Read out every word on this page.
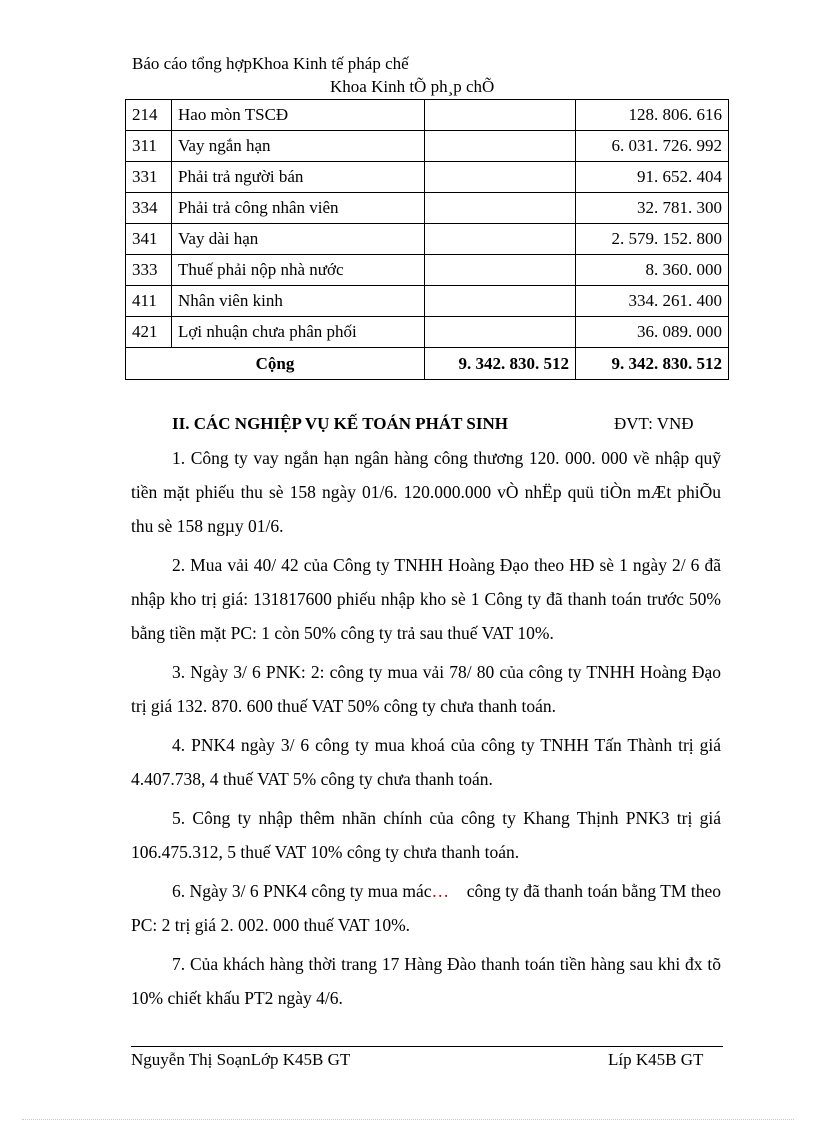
Báo cáo tổng hợpKhoa Kinh tế pháp chế
Khoa Kinh tÕ ph¸p chÕ
214	Hao mòn TSCĐ		128. 806. 616
311	Vay ngắn hạn		6. 031. 726. 992
331	Phải trả người bán		91. 652. 404
334	Phải trả công nhân viên		32. 781. 300
341	Vay dài hạn		2. 579. 152. 800
333	Thuế phải nộp nhà nước		8. 360. 000
411	Nhân viên kinh		334. 261. 400
421	Lợi nhuận chưa phân phối		36. 089. 000
Cộng		9. 342. 830. 512	9. 342. 830. 512
II. CÁC NGHIỆP VỤ KẾ TOÁN PHÁT SINH	ĐVT: VNĐ

1. Công ty vay ngắn hạn ngân hàng công thương 120. 000. 000 về nhập quỹ tiền mặt phiếu thu sè 158 ngày 01/6. 120.000.000 vÒ nhËp quü tiÒn mÆt phiÕu thu sè 158 ngµy 01/6.

2. Mua vải 40/ 42 của Công ty TNHH Hoàng Đạo theo HĐ sè 1 ngày 2/ 6 đã nhập kho trị giá: 131817600 phiếu nhập kho sè 1 Công ty đã thanh toán trước 50% bằng tiền mặt PC: 1 còn 50% công ty trả sau thuế VAT 10%.

3. Ngày 3/ 6 PNK: 2: công ty mua vải 78/ 80 của công ty TNHH Hoàng Đạo trị giá 132. 870. 600 thuế VAT 50% công ty chưa thanh toán.

4. PNK4 ngày 3/ 6 công ty mua khoá của công ty TNHH Tấn Thành trị giá 4.407.738, 4 thuế VAT 5% công ty chưa thanh toán.

5. Công ty nhập thêm nhãn chính của công ty Khang Thịnh PNK3 trị giá 106.475.312, 5 thuế VAT 10% công ty chưa thanh toán.

6. Ngày 3/ 6 PNK4 công ty mua mác…    công ty đã thanh toán bằng TM theo PC: 2 trị giá 2. 002. 000 thuế VAT 10%.

7. Của khách hàng thời trang 17 Hàng Đào thanh toán tiền hàng sau khi đx tõ 10% chiết khấu PT2 ngày 4/6.

Nguyễn Thị SoạnLớp K45B GT	Líp K45B GT
